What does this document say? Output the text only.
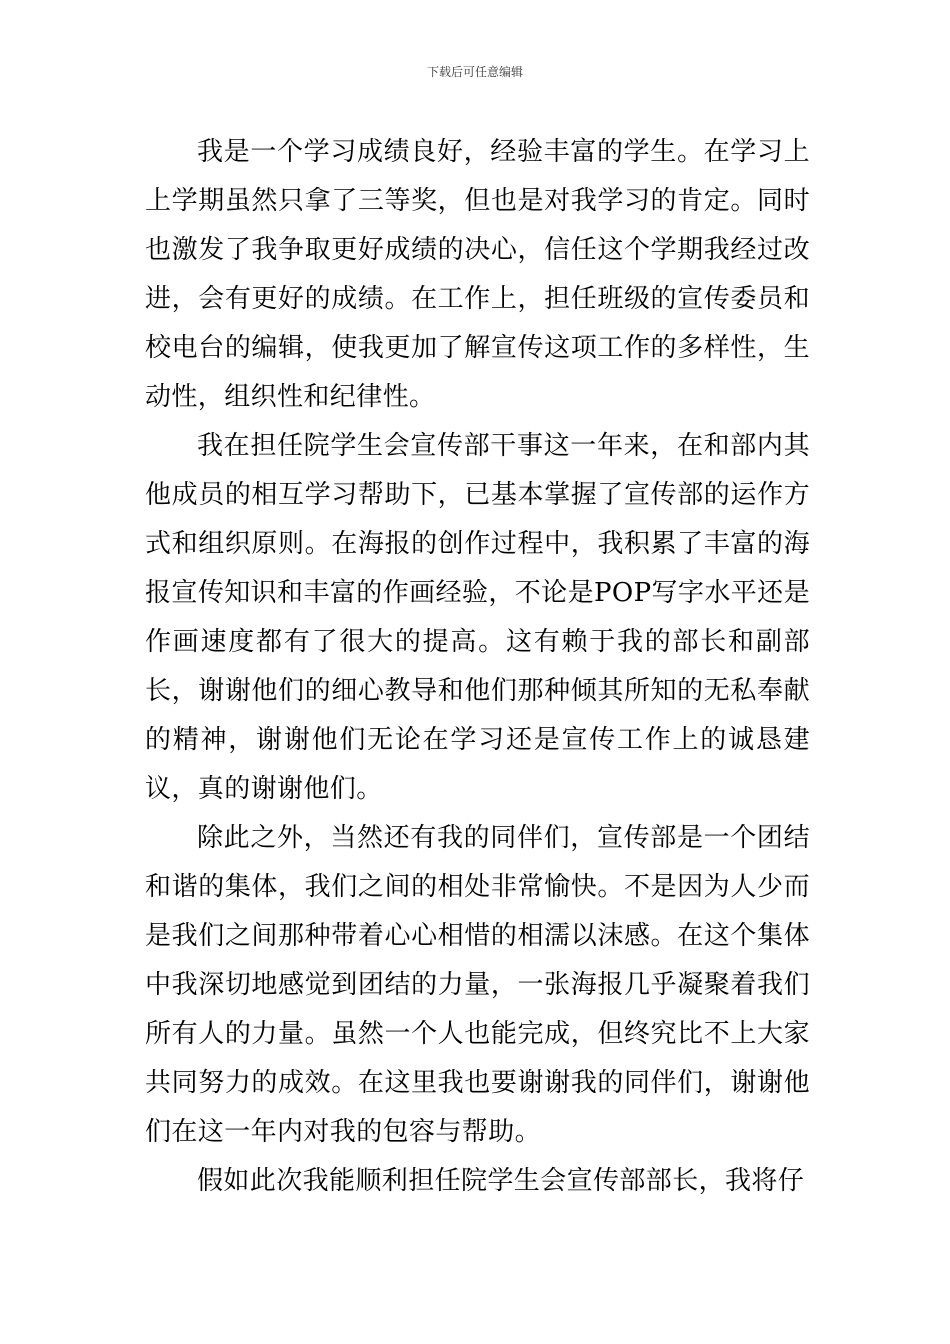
下载后可任意编辑

我是一个学习成绩良好，经验丰富的学生。在学习上上学期虽然只拿了三等奖，但也是对我学习的肯定。同时也激发了我争取更好成绩的决心，信任这个学期我经过改进，会有更好的成绩。在工作上，担任班级的宣传委员和校电台的编辑，使我更加了解宣传这项工作的多样性，生动性，组织性和纪律性。

我在担任院学生会宣传部干事这一年来，在和部内其他成员的相互学习帮助下，已基本掌握了宣传部的运作方式和组织原则。在海报的创作过程中，我积累了丰富的海报宣传知识和丰富的作画经验，不论是POP写字水平还是作画速度都有了很大的提高。这有赖于我的部长和副部长，谢谢他们的细心教导和他们那种倾其所知的无私奉献的精神，谢谢他们无论在学习还是宣传工作上的诚恳建议，真的谢谢他们。

除此之外，当然还有我的同伴们，宣传部是一个团结和谐的集体，我们之间的相处非常愉快。不是因为人少而是我们之间那种带着心心相惜的相濡以沫感。在这个集体中我深切地感觉到团结的力量，一张海报几乎凝聚着我们所有人的力量。虽然一个人也能完成，但终究比不上大家共同努力的成效。在这里我也要谢谢我的同伴们，谢谢他们在这一年内对我的包容与帮助。

假如此次我能顺利担任院学生会宣传部部长，我将仔
